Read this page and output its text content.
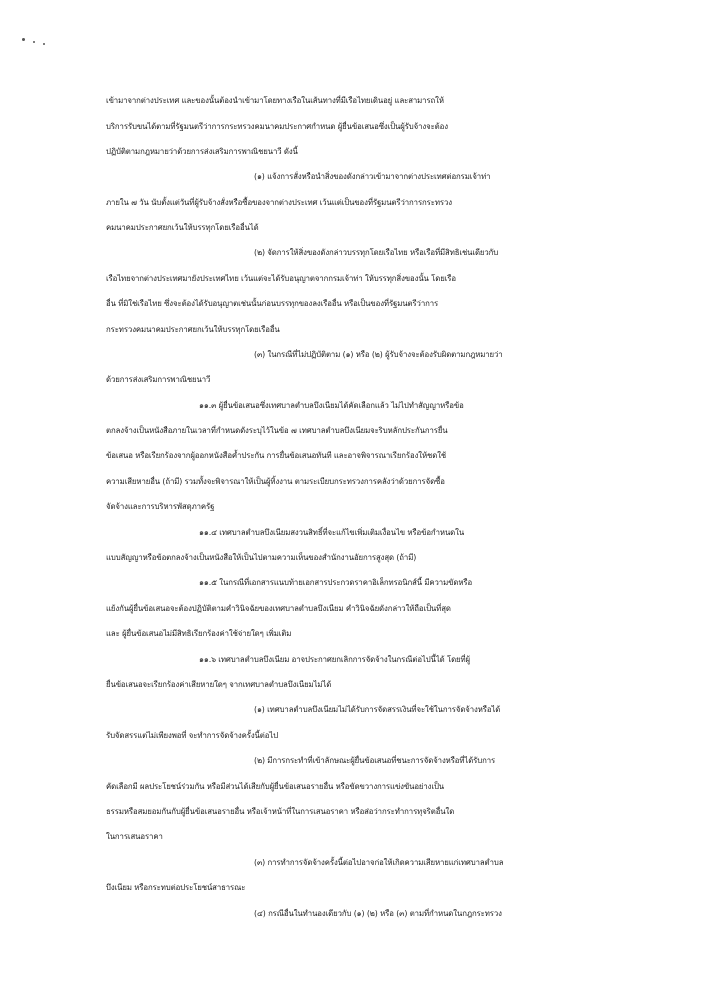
เข้ามาจากต่างประเทศ และของนั้นต้องนำเข้ามาโดยทางเรือในเส้นทางที่มีเรือไทยเดินอยู่ และสามารถให้
บริการรับขนได้ตามที่รัฐมนตรีว่าการกระทรวงคมนาคมประกาศกำหนด ผู้ยื่นข้อเสนอซึ่งเป็นผู้รับจ้างจะต้อง
ปฏิบัติตามกฎหมายว่าด้วยการส่งเสริมการพาณิชยนาวี ดังนี้
(๑) แจ้งการสั่งหรือนำสิ่งของดังกล่าวเข้ามาจากต่างประเทศต่อกรมเจ้าท่า
ภายใน ๗ วัน นับตั้งแต่วันที่ผู้รับจ้างสั่งหรือซื้อของจากต่างประเทศ เว้นแต่เป็นของที่รัฐมนตรีว่าการกระทรวง
คมนาคมประกาศยกเว้นให้บรรทุกโดยเรืออื่นได้
(๒) จัดการให้สิ่งของดังกล่าวบรรทุกโดยเรือไทย หรือเรือที่มีสิทธิเช่นเดียวกับ
เรือไทยจากต่างประเทศมายังประเทศไทย เว้นแต่จะได้รับอนุญาตจากกรมเจ้าท่า ให้บรรทุกสิ่งของนั้น โดยเรือ
อื่น ที่มิใช่เรือไทย ซึ่งจะต้องได้รับอนุญาตเช่นนั้นก่อนบรรทุกของลงเรืออื่น หรือเป็นของที่รัฐมนตรีว่าการ
กระทรวงคมนาคมประกาศยกเว้นให้บรรทุกโดยเรืออื่น
(๓) ในกรณีที่ไม่ปฏิบัติตาม (๑) หรือ (๒) ผู้รับจ้างจะต้องรับผิดตามกฎหมายว่า
ด้วยการส่งเสริมการพาณิชยนาวี
๑๑.๓ ผู้ยื่นข้อเสนอซึ่งเทศบาลตำบลบึงเนียมได้คัดเลือกแล้ว ไม่ไปทำสัญญาหรือข้อ
ตกลงจ้างเป็นหนังสือภายในเวลาที่กำหนดดังระบุไว้ในข้อ ๗ เทศบาลตำบลบึงเนียมจะริบหลักประกันการยื่น
ข้อเสนอ หรือเรียกร้องจากผู้ออกหนังสือค้ำประกัน การยื่นข้อเสนอทันที และอาจพิจารณาเรียกร้องให้ชดใช้
ความเสียหายอื่น (ถ้ามี) รวมทั้งจะพิจารณาให้เป็นผู้ทิ้งงาน ตามระเบียบกระทรวงการคลังว่าด้วยการจัดซื้อ
จัดจ้างและการบริหารพัสดุภาครัฐ
๑๑.๔ เทศบาลตำบลบึงเนียมสงวนสิทธิ์ที่จะแก้ไขเพิ่มเติมเงื่อนไข หรือข้อกำหนดใน
แบบสัญญาหรือข้อตกลงจ้างเป็นหนังสือให้เป็นไปตามความเห็นของสำนักงานอัยการสูงสุด (ถ้ามี)
๑๑.๕ ในกรณีที่เอกสารแนบท้ายเอกสารประกวดราคาอิเล็กทรอนิกส์นี้ มีความขัดหรือ
แย้งกันผู้ยื่นข้อเสนอจะต้องปฏิบัติตามคำวินิจฉัยของเทศบาลตำบลบึงเนียม คำวินิจฉัยดังกล่าวให้ถือเป็นที่สุด
และ ผู้ยื่นข้อเสนอไม่มีสิทธิเรียกร้องค่าใช้จ่ายใดๆ เพิ่มเติม
๑๑.๖ เทศบาลตำบลบึงเนียม อาจประกาศยกเลิกการจัดจ้างในกรณีต่อไปนี้ได้ โดยที่ผู้
ยื่นข้อเสนอจะเรียกร้องค่าเสียหายใดๆ จากเทศบาลตำบลบึงเนียมไม่ได้
(๑) เทศบาลตำบลบึงเนียมไม่ได้รับการจัดสรรเงินที่จะใช้ในการจัดจ้างหรือได้
รับจัดสรรแต่ไม่เพียงพอที่ จะทำการจัดจ้างครั้งนี้ต่อไป
(๒) มีการกระทำที่เข้าลักษณะผู้ยื่นข้อเสนอที่ชนะการจัดจ้างหรือที่ได้รับการ
คัดเลือกมี ผลประโยชน์ร่วมกัน หรือมีส่วนได้เสียกับผู้ยื่นข้อเสนอรายอื่น หรือขัดขวางการแข่งขันอย่างเป็น
ธรรมหรือสมยอมกันกับผู้ยื่นข้อเสนอรายอื่น หรือเจ้าหน้าที่ในการเสนอราคา หรือส่อว่ากระทำการทุจริตอื่นใด
ในการเสนอราคา
(๓) การทำการจัดจ้างครั้งนี้ต่อไปอาจก่อให้เกิดความเสียหายแก่เทศบาลตำบล
บึงเนียม หรือกระทบต่อประโยชน์สาธารณะ
(๔) กรณีอื่นในทำนองเดียวกับ (๑) (๒) หรือ (๓) ตามที่กำหนดในกฎกระทรวง
